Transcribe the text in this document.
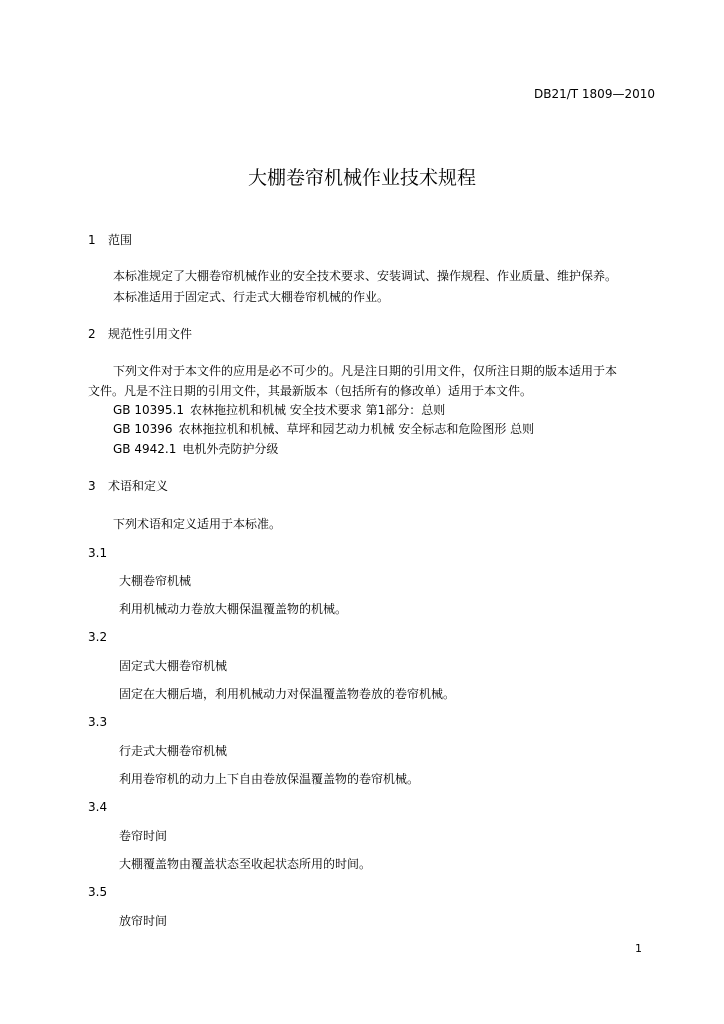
DB21/T 1809—2010
大棚卷帘机械作业技术规程
1 范围
本标准规定了大棚卷帘机械作业的安全技术要求、安装调试、操作规程、作业质量、维护保养。
本标准适用于固定式、行走式大棚卷帘机械的作业。
2 规范性引用文件
下列文件对于本文件的应用是必不可少的。凡是注日期的引用文件，仅所注日期的版本适用于本
文件。凡是不注日期的引用文件，其最新版本（包括所有的修改单）适用于本文件。
GB 10395.1 农林拖拉机和机械 安全技术要求 第1部分：总则
GB 10396 农林拖拉机和机械、草坪和园艺动力机械 安全标志和危险图形 总则
GB 4942.1 电机外壳防护分级
3 术语和定义
下列术语和定义适用于本标准。
3.1
大棚卷帘机械
利用机械动力卷放大棚保温覆盖物的机械。
3.2
固定式大棚卷帘机械
固定在大棚后墙，利用机械动力对保温覆盖物卷放的卷帘机械。
3.3
行走式大棚卷帘机械
利用卷帘机的动力上下自由卷放保温覆盖物的卷帘机械。
3.4
卷帘时间
大棚覆盖物由覆盖状态至收起状态所用的时间。
3.5
放帘时间
1
